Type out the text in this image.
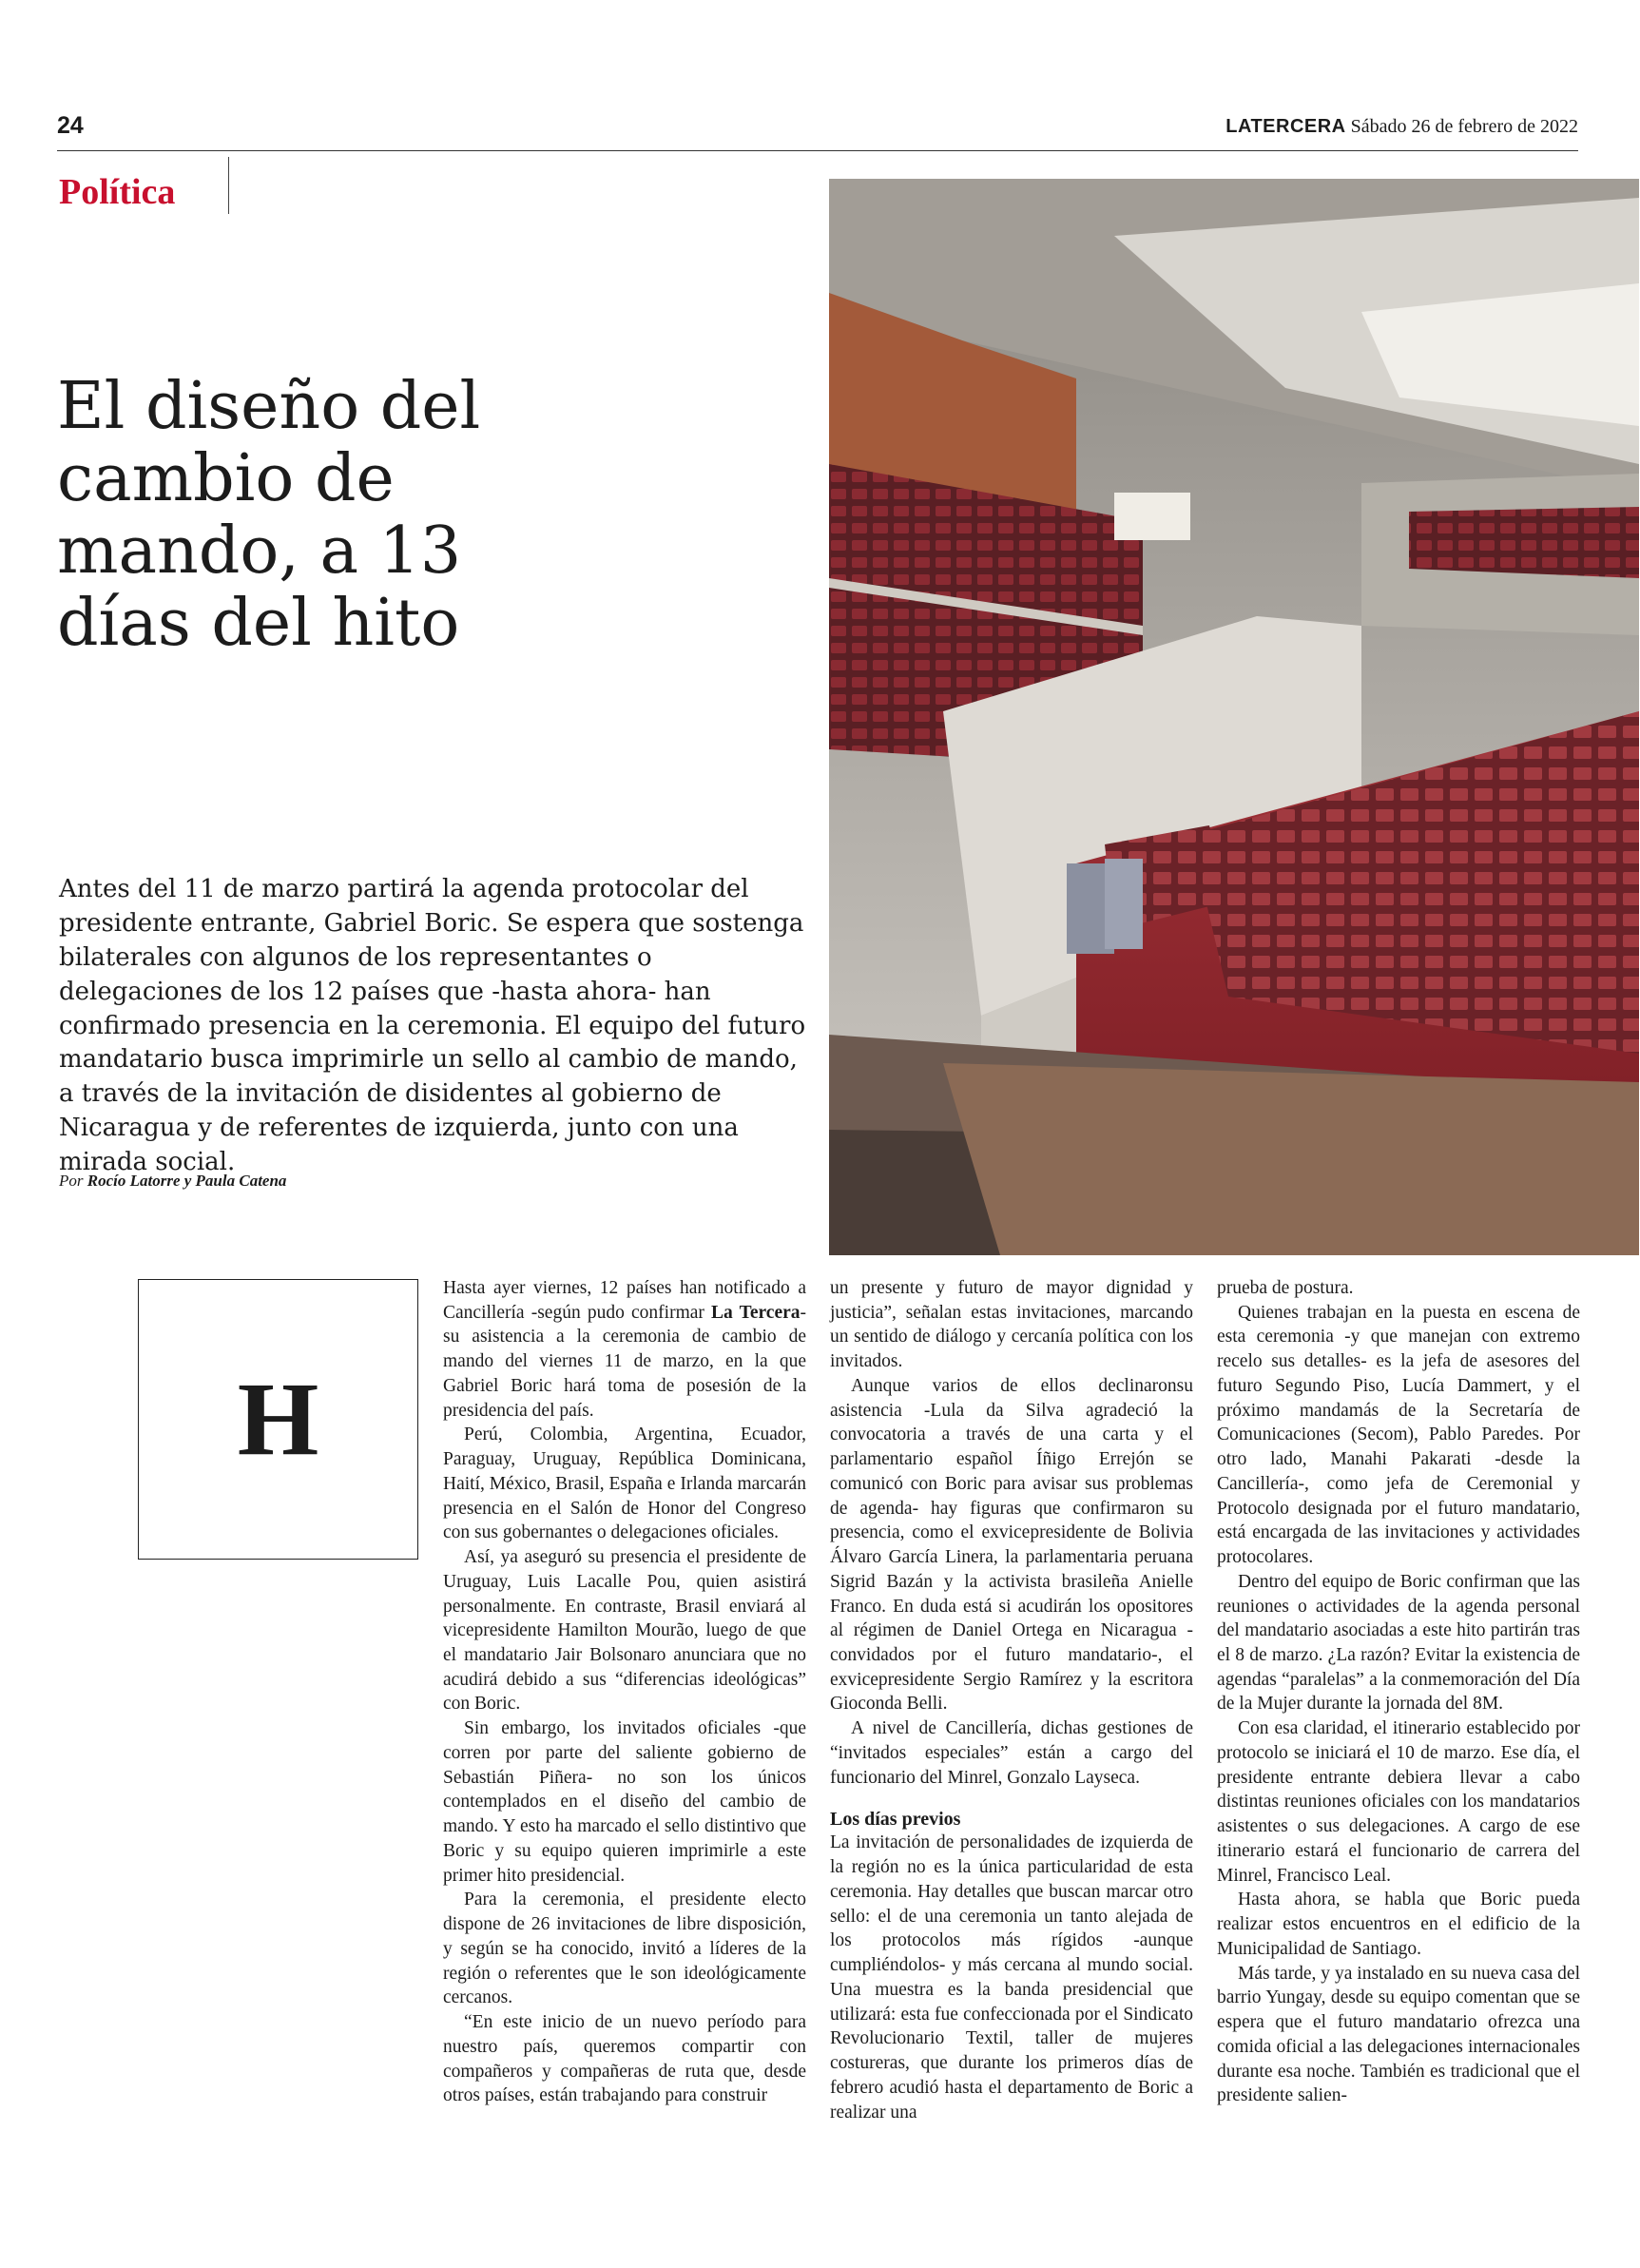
24	LATERCERA Sábado 26 de febrero de 2022
Política
El diseño del
cambio de
mando, a 13
días del hito
Antes del 11 de marzo partirá la agenda protocolar del presidente entrante, Gabriel Boric. Se espera que sostenga bilaterales con algunos de los representantes o delegaciones de los 12 países que -hasta ahora- han confirmado presencia en la ceremonia. El equipo del futuro mandatario busca imprimirle un sello al cambio de mando, a través de la invitación de disidentes al gobierno de Nicaragua y de referentes de izquierda, junto con una mirada social.
Por Rocío Latorre y Paula Catena
H

Hasta ayer viernes, 12 países han notificado a Cancillería -según pudo confirmar La Tercera- su asistencia a la ceremonia de cambio de mando del viernes 11 de marzo, en la que Gabriel Boric hará toma de posesión de la presidencia del país.

Perú, Colombia, Argentina, Ecuador, Paraguay, Uruguay, República Dominicana, Haití, México, Brasil, España e Irlanda marcarán presencia en el Salón de Honor del Congreso con sus gobernantes o delegaciones oficiales.

Así, ya aseguró su presencia el presidente de Uruguay, Luis Lacalle Pou, quien asistirá personalmente. En contraste, Brasil enviará al vicepresidente Hamilton Mourão, luego de que el mandatario Jair Bolsonaro anunciara que no acudirá debido a sus “diferencias ideológicas” con Boric.

Sin embargo, los invitados oficiales -que corren por parte del saliente gobierno de Sebastián Piñera- no son los únicos contemplados en el diseño del cambio de mando. Y esto ha marcado el sello distintivo que Boric y su equipo quieren imprimirle a este primer hito presidencial.

Para la ceremonia, el presidente electo dispone de 26 invitaciones de libre disposición, y según se ha conocido, invitó a líderes de la región o referentes que le son ideológicamente cercanos.

“En este inicio de un nuevo período para nuestro país, queremos compartir con compañeros y compañeras de ruta que, desde otros países, están trabajando para construir

un presente y futuro de mayor dignidad y justicia”, señalan estas invitaciones, marcando un sentido de diálogo y cercanía política con los invitados.

Aunque varios de ellos declinaronsu asistencia -Lula da Silva agradeció la convocatoria a través de una carta y el parlamentario español Íñigo Errejón se comunicó con Boric para avisar sus problemas de agenda- hay figuras que confirmaron su presencia, como el exvicepresidente de Bolivia Álvaro García Linera, la parlamentaria peruana Sigrid Bazán y la activista brasileña Anielle Franco. En duda está si acudirán los opositores al régimen de Daniel Ortega en Nicaragua -convidados por el futuro mandatario-, el exvicepresidente Sergio Ramírez y la escritora Gioconda Belli.

A nivel de Cancillería, dichas gestiones de “invitados especiales” están a cargo del funcionario del Minrel, Gonzalo Layseca.

Los días previos

La invitación de personalidades de izquierda de la región no es la única particularidad de esta ceremonia. Hay detalles que buscan marcar otro sello: el de una ceremonia un tanto alejada de los protocolos más rígidos -aunque cumpliéndolos- y más cercana al mundo social. Una muestra es la banda presidencial que utilizará: esta fue confeccionada por el Sindicato Revolucionario Textil, taller de mujeres costureras, que durante los primeros días de febrero acudió hasta el departamento de Boric a realizar una

prueba de postura.

Quienes trabajan en la puesta en escena de esta ceremonia -y que manejan con extremo recelo sus detalles- es la jefa de asesores del futuro Segundo Piso, Lucía Dammert, y el próximo mandamás de la Secretaría de Comunicaciones (Secom), Pablo Paredes. Por otro lado, Manahi Pakarati -desde la Cancillería-, como jefa de Ceremonial y Protocolo designada por el futuro mandatario, está encargada de las invitaciones y actividades protocolares.

Dentro del equipo de Boric confirman que las reuniones o actividades de la agenda personal del mandatario asociadas a este hito partirán tras el 8 de marzo. ¿La razón? Evitar la existencia de agendas “paralelas” a la conmemoración del Día de la Mujer durante la jornada del 8M.

Con esa claridad, el itinerario establecido por protocolo se iniciará el 10 de marzo. Ese día, el presidente entrante debiera llevar a cabo distintas reuniones oficiales con los mandatarios asistentes o sus delegaciones. A cargo de ese itinerario estará el funcionario de carrera del Minrel, Francisco Leal.

Hasta ahora, se habla que Boric pueda realizar estos encuentros en el edificio de la Municipalidad de Santiago.

Más tarde, y ya instalado en su nueva casa del barrio Yungay, desde su equipo comentan que se espera que el futuro mandatario ofrezca una comida oficial a las delegaciones internacionales durante esa noche. También es tradicional que el presidente salien-
